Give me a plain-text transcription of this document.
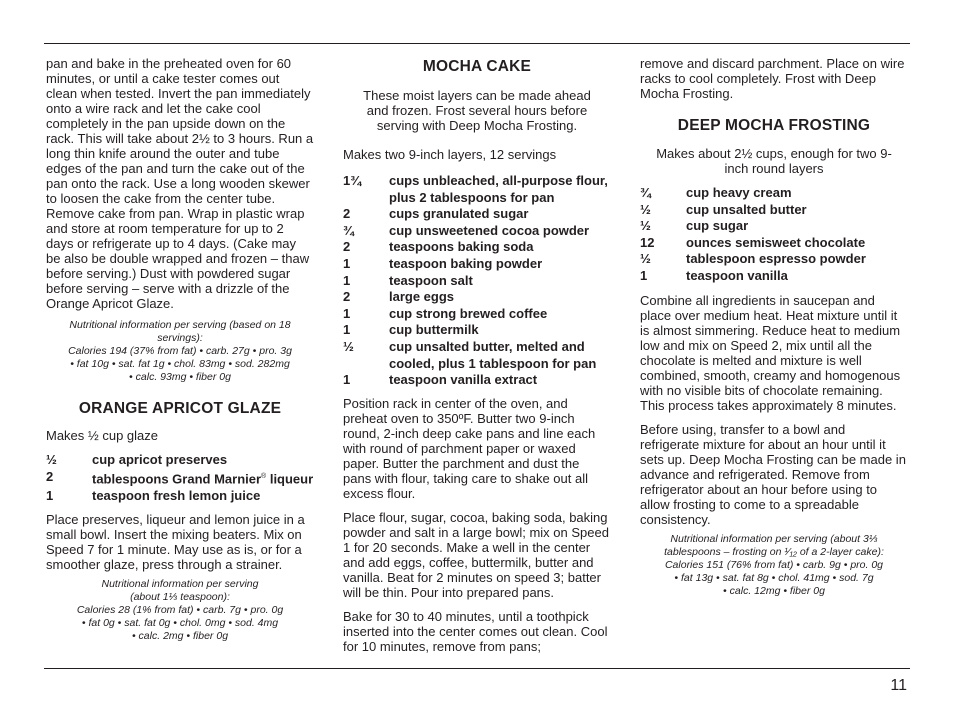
pan and bake in the preheated oven for 60 minutes, or until a cake tester comes out clean when tested. Invert the pan immediately onto a wire rack and let the cake cool completely in the pan upside down on the rack. This will take about 2½ to 3 hours. Run a long thin knife around the outer and tube edges of the pan and turn the cake out of the pan onto the rack. Use a long wooden skewer to loosen the cake from the center tube. Remove cake from pan. Wrap in plastic wrap and store at room temperature for up to 2 days or refrigerate up to 4 days. (Cake may be also be double wrapped and frozen – thaw before serving.) Dust with powdered sugar before serving – serve with a drizzle of the Orange Apricot Glaze.

Nutritional information per serving (based on 18 servings):
Calories 194 (37% from fat) • carb. 27g • pro. 3g
• fat 10g • sat. fat 1g • chol. 83mg • sod. 282mg
• calc. 93mg • fiber 0g
ORANGE APRICOT GLAZE
Makes ½ cup glaze
½	cup apricot preserves
2	tablespoons Grand Marnier® liqueur
1	teaspoon fresh lemon juice

Place preserves, liqueur and lemon juice in a small bowl. Insert the mixing beaters. Mix on Speed 7 for 1 minute. May use as is, or for a smoother glaze, press through a strainer.

Nutritional information per serving
(about 1⅓ teaspoon):
Calories 28 (1% from fat) • carb. 7g • pro. 0g
• fat 0g • sat. fat 0g • chol. 0mg • sod. 4mg
• calc. 2mg • fiber 0g
MOCHA CAKE
These moist layers can be made ahead and frozen. Frost several hours before serving with Deep Mocha Frosting.
Makes two 9-inch layers, 12 servings
1¾	cups unbleached, all-purpose flour, plus 2 tablespoons for pan
2	cups granulated sugar
¾	cup unsweetened cocoa powder
2	teaspoons baking soda
1	teaspoon baking powder
1	teaspoon salt
2	large eggs
1	cup strong brewed coffee
1	cup buttermilk
½	cup unsalted butter, melted and cooled, plus 1 tablespoon for pan
1	teaspoon vanilla extract

Position rack in center of the oven, and preheat oven to 350ºF. Butter two 9-inch round, 2-inch deep cake pans and line each with round of parchment paper or waxed paper. Butter the parchment and dust the pans with flour, taking care to shake out all excess flour.

Place flour, sugar, cocoa, baking soda, baking powder and salt in a large bowl; mix on Speed 1 for 20 seconds. Make a well in the center and add eggs, coffee, buttermilk, butter and vanilla. Beat for 2 minutes on speed 3; batter will be thin. Pour into prepared pans.

Bake for 30 to 40 minutes, until a toothpick inserted into the center comes out clean. Cool for 10 minutes, remove from pans;

remove and discard parchment. Place on wire racks to cool completely. Frost with Deep Mocha Frosting.

DEEP MOCHA FROSTING
Makes about 2½ cups, enough for two 9-inch round layers
¾	cup heavy cream
½	cup unsalted butter
½	cup sugar
12	ounces semisweet chocolate
½	tablespoon espresso powder
1	teaspoon vanilla

Combine all ingredients in saucepan and place over medium heat. Heat mixture until it is almost simmering. Reduce heat to medium low and mix on Speed 2, mix until all the chocolate is melted and mixture is well combined, smooth, creamy and homogenous with no visible bits of chocolate remaining. This process takes approximately 8 minutes.

Before using, transfer to a bowl and refrigerate mixture for about an hour until it sets up. Deep Mocha Frosting can be made in advance and refrigerated. Remove from refrigerator about an hour before using to allow frosting to come to a spreadable consistency.

Nutritional information per serving (about 3⅓
tablespoons – frosting on ¹⁄₁₂ of a 2-layer cake):
Calories 151 (76% from fat) • carb. 9g • pro. 0g
• fat 13g • sat. fat 8g • chol. 41mg • sod. 7g
• calc. 12mg • fiber 0g
11
